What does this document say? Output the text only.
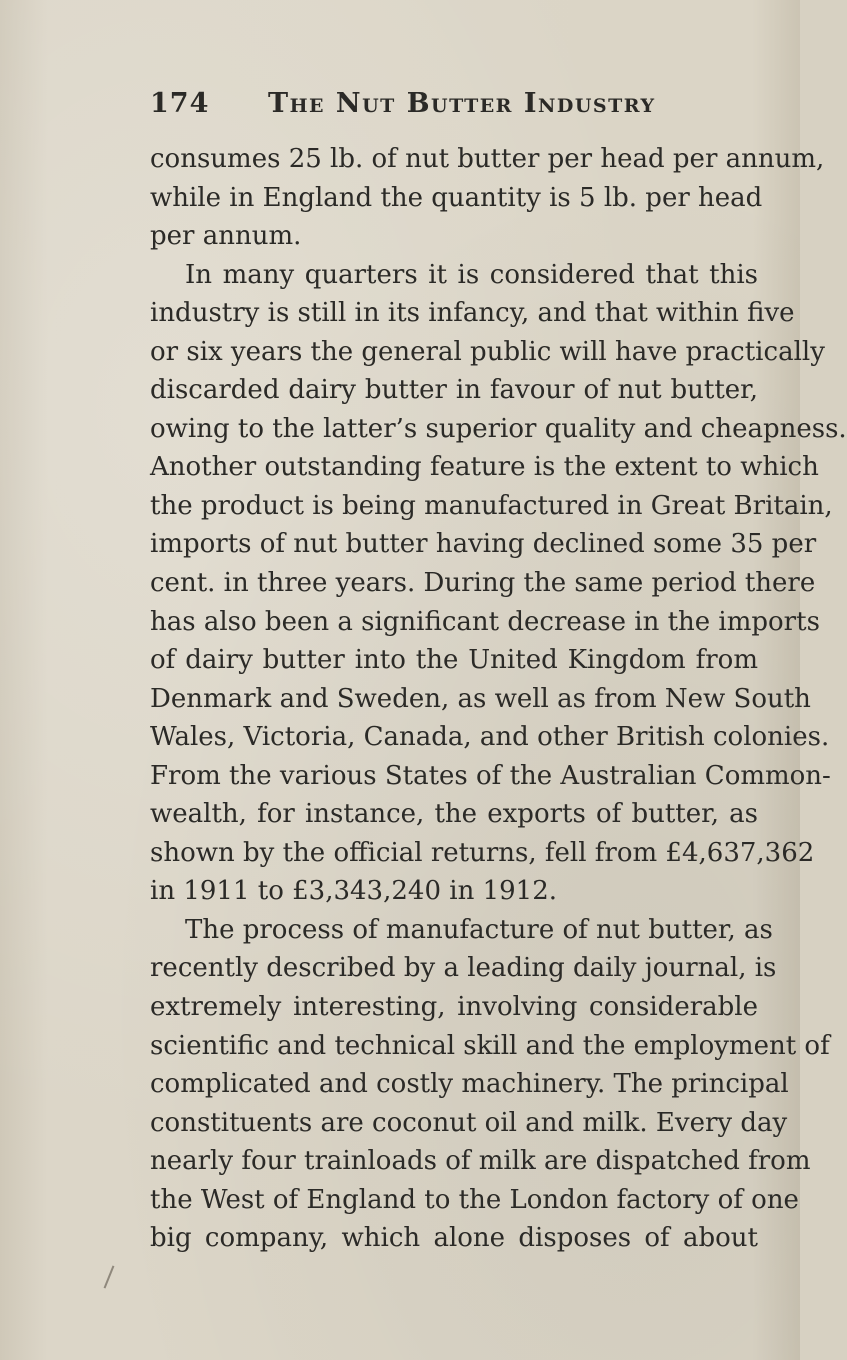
174 The Nut Butter Industry
consumes 25 lb. of nut butter per head per annum,
while in England the quantity is 5 lb. per head
per annum.
In many quarters it is considered that this
industry is still in its infancy, and that within five
or six years the general public will have practically
discarded dairy butter in favour of nut butter,
owing to the latter’s superior quality and cheapness.
Another outstanding feature is the extent to which
the product is being manufactured in Great Britain,
imports of nut butter having declined some 35 per
cent. in three years. During the same period there
has also been a significant decrease in the imports
of dairy butter into the United Kingdom from
Denmark and Sweden, as well as from New South
Wales, Victoria, Canada, and other British colonies.
From the various States of the Australian Common-
wealth, for instance, the exports of butter, as
shown by the official returns, fell from £4,637,362
in 1911 to £3,343,240 in 1912.
The process of manufacture of nut butter, as
recently described by a leading daily journal, is
extremely interesting, involving considerable
scientific and technical skill and the employment of
complicated and costly machinery. The principal
constituents are coconut oil and milk. Every day
nearly four trainloads of milk are dispatched from
the West of England to the London factory of one
big company, which alone disposes of about
